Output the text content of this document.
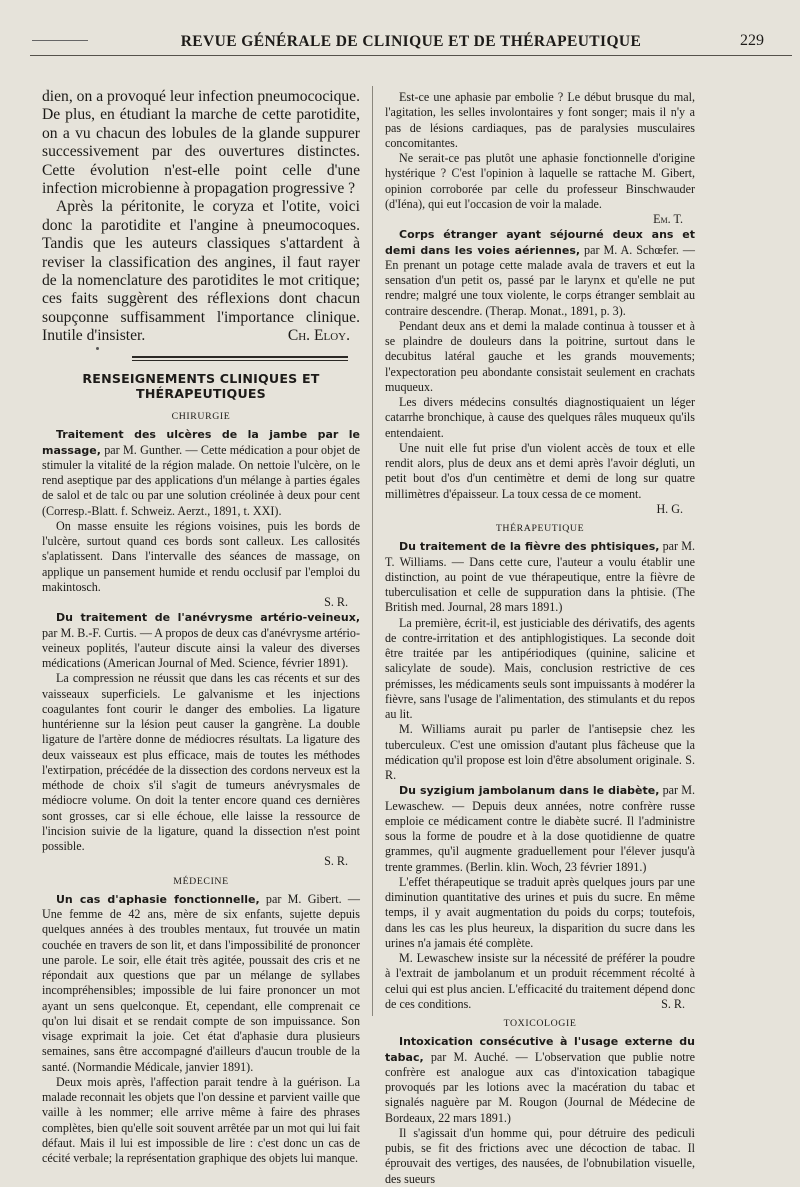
REVUE GÉNÉRALE DE CLINIQUE ET DE THÉRAPEUTIQUE	229

dien, on a provoqué leur infection pneumococique. De plus, en étudiant la marche de cette parotidite, on a vu chacun des lobules de la glande suppurer successivement par des ouvertures distinctes. Cette évolution n'est-elle point celle d'une infection microbienne à propagation progressive ?

Après la péritonite, le coryza et l'otite, voici donc la parotidite et l'angine à pneumocoques. Tandis que les auteurs classiques s'attardent à reviser la classification des angines, il faut rayer de la nomenclature des parotidites le mot critique; ces faits suggèrent des réflexions dont chacun soupçonne suffisamment l'importance clinique. Inutile d'insister.	Ch. Eloy.

RENSEIGNEMENTS CLINIQUES ET THÉRAPEUTIQUES

CHIRURGIE

Traitement des ulcères de la jambe par le massage, par M. Gunther. — Cette médication a pour objet de stimuler la vitalité de la région malade. On nettoie l'ulcère, on le rend aseptique par des applications d'un mélange à parties égales de salol et de talc ou par une solution créolinée à deux pour cent (Corresp.-Blatt. f. Schweiz. Aerzt., 1891, t. XXI).

On masse ensuite les régions voisines, puis les bords de l'ulcère, surtout quand ces bords sont calleux. Les callosités s'aplatissent. Dans l'intervalle des séances de massage, on applique un pansement humide et rendu occlusif par l'emploi du makintosch.

S. R.

Du traitement de l'anévrysme artério-veineux, par M. B.-F. Curtis. — A propos de deux cas d'anévrysme artério-veineux poplités, l'auteur discute ainsi la valeur des diverses médications (American Journal of Med. Science, février 1891).

La compression ne réussit que dans les cas récents et sur des vaisseaux superficiels. Le galvanisme et les injections coagulantes font courir le danger des embolies. La ligature huntérienne sur la lésion peut causer la gangrène. La double ligature de l'artère donne de médiocres résultats. La ligature des deux vaisseaux est plus efficace, mais de toutes les méthodes l'extirpation, précédée de la dissection des cordons nerveux est la méthode de choix s'il s'agit de tumeurs anévrysmales de médiocre volume. On doit la tenter encore quand ces dernières sont grosses, car si elle échoue, elle laisse la ressource de l'incision suivie de la ligature, quand la dissection n'est point possible.

S. R.

MÉDECINE

Un cas d'aphasie fonctionnelle, par M. Gibert. — Une femme de 42 ans, mère de six enfants, sujette depuis quelques années à des troubles mentaux, fut trouvée un matin couchée en travers de son lit, et dans l'impossibilité de prononcer une parole. Le soir, elle était très agitée, poussait des cris et ne répondait aux questions que par un mélange de syllabes incompréhensibles; impossible de lui faire prononcer un mot ayant un sens quelconque. Et, cependant, elle comprenait ce qu'on lui disait et se rendait compte de son impuissance. Son visage exprimait la joie. Cet état d'aphasie dura plusieurs semaines, sans être accompagné d'ailleurs d'aucun trouble de la santé. (Normandie Médicale, janvier 1891).

Deux mois après, l'affection parait tendre à la guérison. La malade reconnait les objets que l'on dessine et parvient vaille que vaille à les nommer; elle arrive même à faire des phrases complètes, bien qu'elle soit souvent arrêtée par un mot qui lui fait défaut. Mais il lui est impossible de lire : c'est donc un cas de cécité verbale; la représentation graphique des objets lui manque.

Est-ce une aphasie par embolie ? Le début brusque du mal, l'agitation, les selles involontaires y font songer; mais il n'y a pas de lésions cardiaques, pas de paralysies musculaires concomitantes.

Ne serait-ce pas plutôt une aphasie fonctionnelle d'origine hystérique ? C'est l'opinion à laquelle se rattache M. Gibert, opinion corroborée par celle du professeur Binschwauder (d'Iéna), qui eut l'occasion de voir la malade.

Em. T.

Corps étranger ayant séjourné deux ans et demi dans les voies aériennes, par M. A. Schœfer. — En prenant un potage cette malade avala de travers et eut la sensation d'un petit os, passé par le larynx et qu'elle ne put rendre; malgré une toux violente, le corps étranger semblait au contraire descendre. (Therap. Monat., 1891, p. 3).

Pendant deux ans et demi la malade continua à tousser et à se plaindre de douleurs dans la poitrine, surtout dans le decubitus latéral gauche et les grands mouvements; l'expectoration peu abondante consistait seulement en crachats muqueux.

Les divers médecins consultés diagnostiquaient un léger catarrhe bronchique, à cause des quelques râles muqueux qu'ils entendaient.

Une nuit elle fut prise d'un violent accès de toux et elle rendit alors, plus de deux ans et demi après l'avoir dégluti, un petit bout d'os d'un centimètre et demi de long sur quatre millimètres d'épaisseur. La toux cessa de ce moment.

H. G.

THÉRAPEUTIQUE

Du traitement de la fièvre des phtisiques, par M. T. Williams. — Dans cette cure, l'auteur a voulu établir une distinction, au point de vue thérapeutique, entre la fièvre de tuberculisation et celle de suppuration dans la phtisie. (The British med. Journal, 28 mars 1891.)

La première, écrit-il, est justiciable des dérivatifs, des agents de contre-irritation et des antiphlogistiques. La seconde doit être traitée par les antipériodiques (quinine, salicine et salicylate de soude). Mais, conclusion restrictive de ces prémisses, les médicaments seuls sont impuissants à modérer la fièvre, sans l'usage de l'alimentation, des stimulants et du repos au lit.

M. Williams aurait pu parler de l'antisepsie chez les tuberculeux. C'est une omission d'autant plus fâcheuse que la médication qu'il propose est loin d'être absolument originale. S. R.

Du syzigium jambolanum dans le diabète, par M. Lewaschew. — Depuis deux années, notre confrère russe emploie ce médicament contre le diabète sucré. Il l'administre sous la forme de poudre et à la dose quotidienne de quatre grammes, qu'il augmente graduellement pour l'élever jusqu'à trente grammes. (Berlin. klin. Woch, 23 février 1891.)

L'effet thérapeutique se traduit après quelques jours par une diminution quantitative des urines et puis du sucre. En même temps, il y avait augmentation du poids du corps; toutefois, dans les cas les plus heureux, la disparition du sucre dans les urines n'a jamais été complète.

M. Lewaschew insiste sur la nécessité de préférer la poudre à l'extrait de jambolanum et un produit récemment récolté à celui qui est plus ancien. L'efficacité du traitement dépend donc de ces conditions.	S. R.

TOXICOLOGIE

Intoxication consécutive à l'usage externe du tabac, par M. Auché. — L'observation que publie notre confrère est analogue aux cas d'intoxication tabagique provoqués par les lotions avec la macération du tabac et signalés naguère par M. Rougon (Journal de Médecine de Bordeaux, 22 mars 1891.)

Il s'agissait d'un homme qui, pour détruire des pediculi pubis, se fit des frictions avec une décoction de tabac. Il éprouvait des vertiges, des nausées, de l'obnubilation visuelle, des sueurs
